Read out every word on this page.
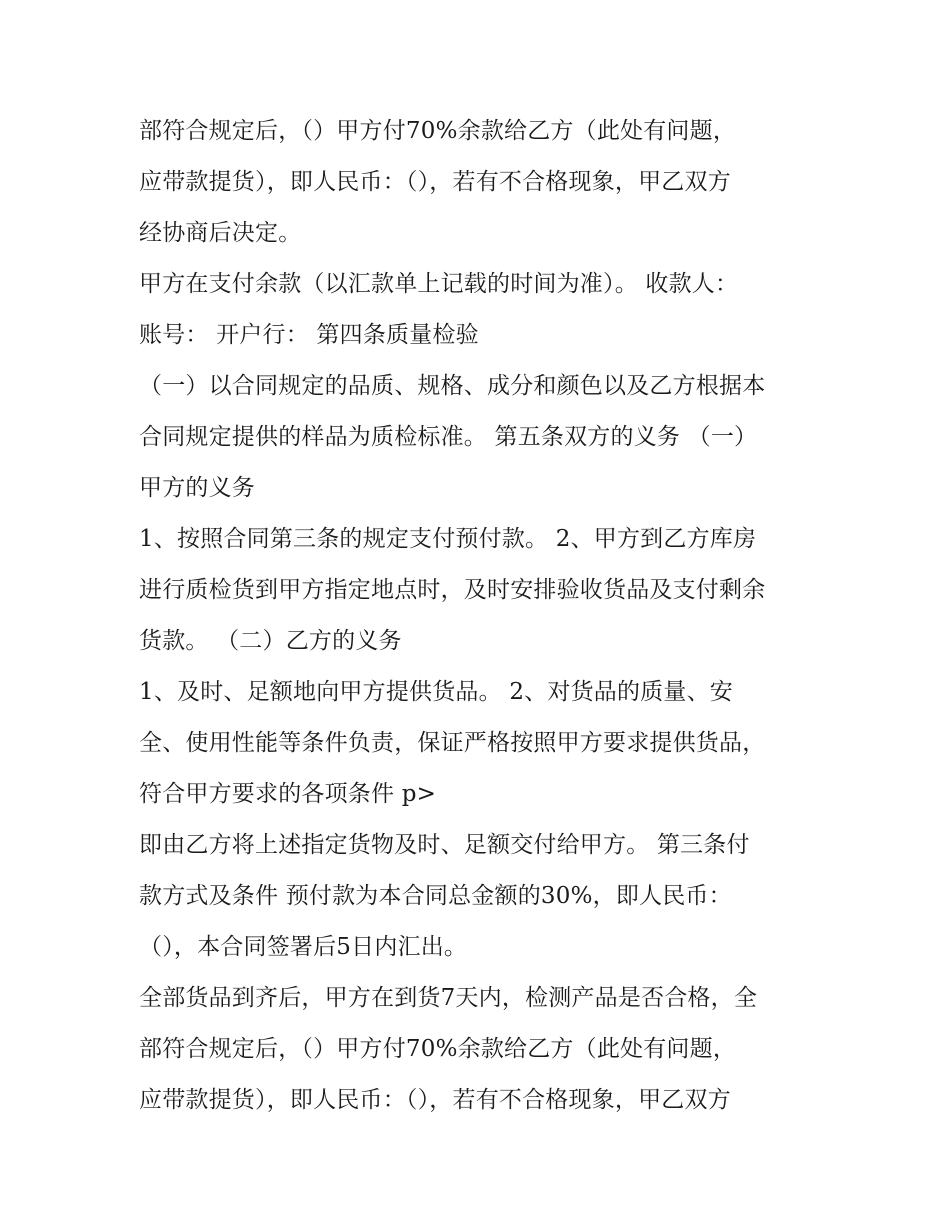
部符合规定后，（）甲方付70%余款给乙方（此处有问题，
应带款提货），即人民币：（），若有不合格现象，甲乙双方
经协商后决定。
甲方在支付余款（以汇款单上记载的时间为准）。 收款人：
账号： 开户行： 第四条质量检验
（一）以合同规定的品质、规格、成分和颜色以及乙方根据本
合同规定提供的样品为质检标准。 第五条双方的义务 （一）
甲方的义务
1、按照合同第三条的规定支付预付款。 2、甲方到乙方库房
进行质检货到甲方指定地点时，及时安排验收货品及支付剩余
货款。 （二）乙方的义务
1、及时、足额地向甲方提供货品。 2、对货品的质量、安
全、使用性能等条件负责，保证严格按照甲方要求提供货品，
符合甲方要求的各项条件 p>
即由乙方将上述指定货物及时、足额交付给甲方。 第三条付
款方式及条件 预付款为本合同总金额的30%，即人民币：
（），本合同签署后5日内汇出。
全部货品到齐后，甲方在到货7天内，检测产品是否合格，全
部符合规定后，（）甲方付70%余款给乙方（此处有问题，
应带款提货），即人民币：（），若有不合格现象，甲乙双方
